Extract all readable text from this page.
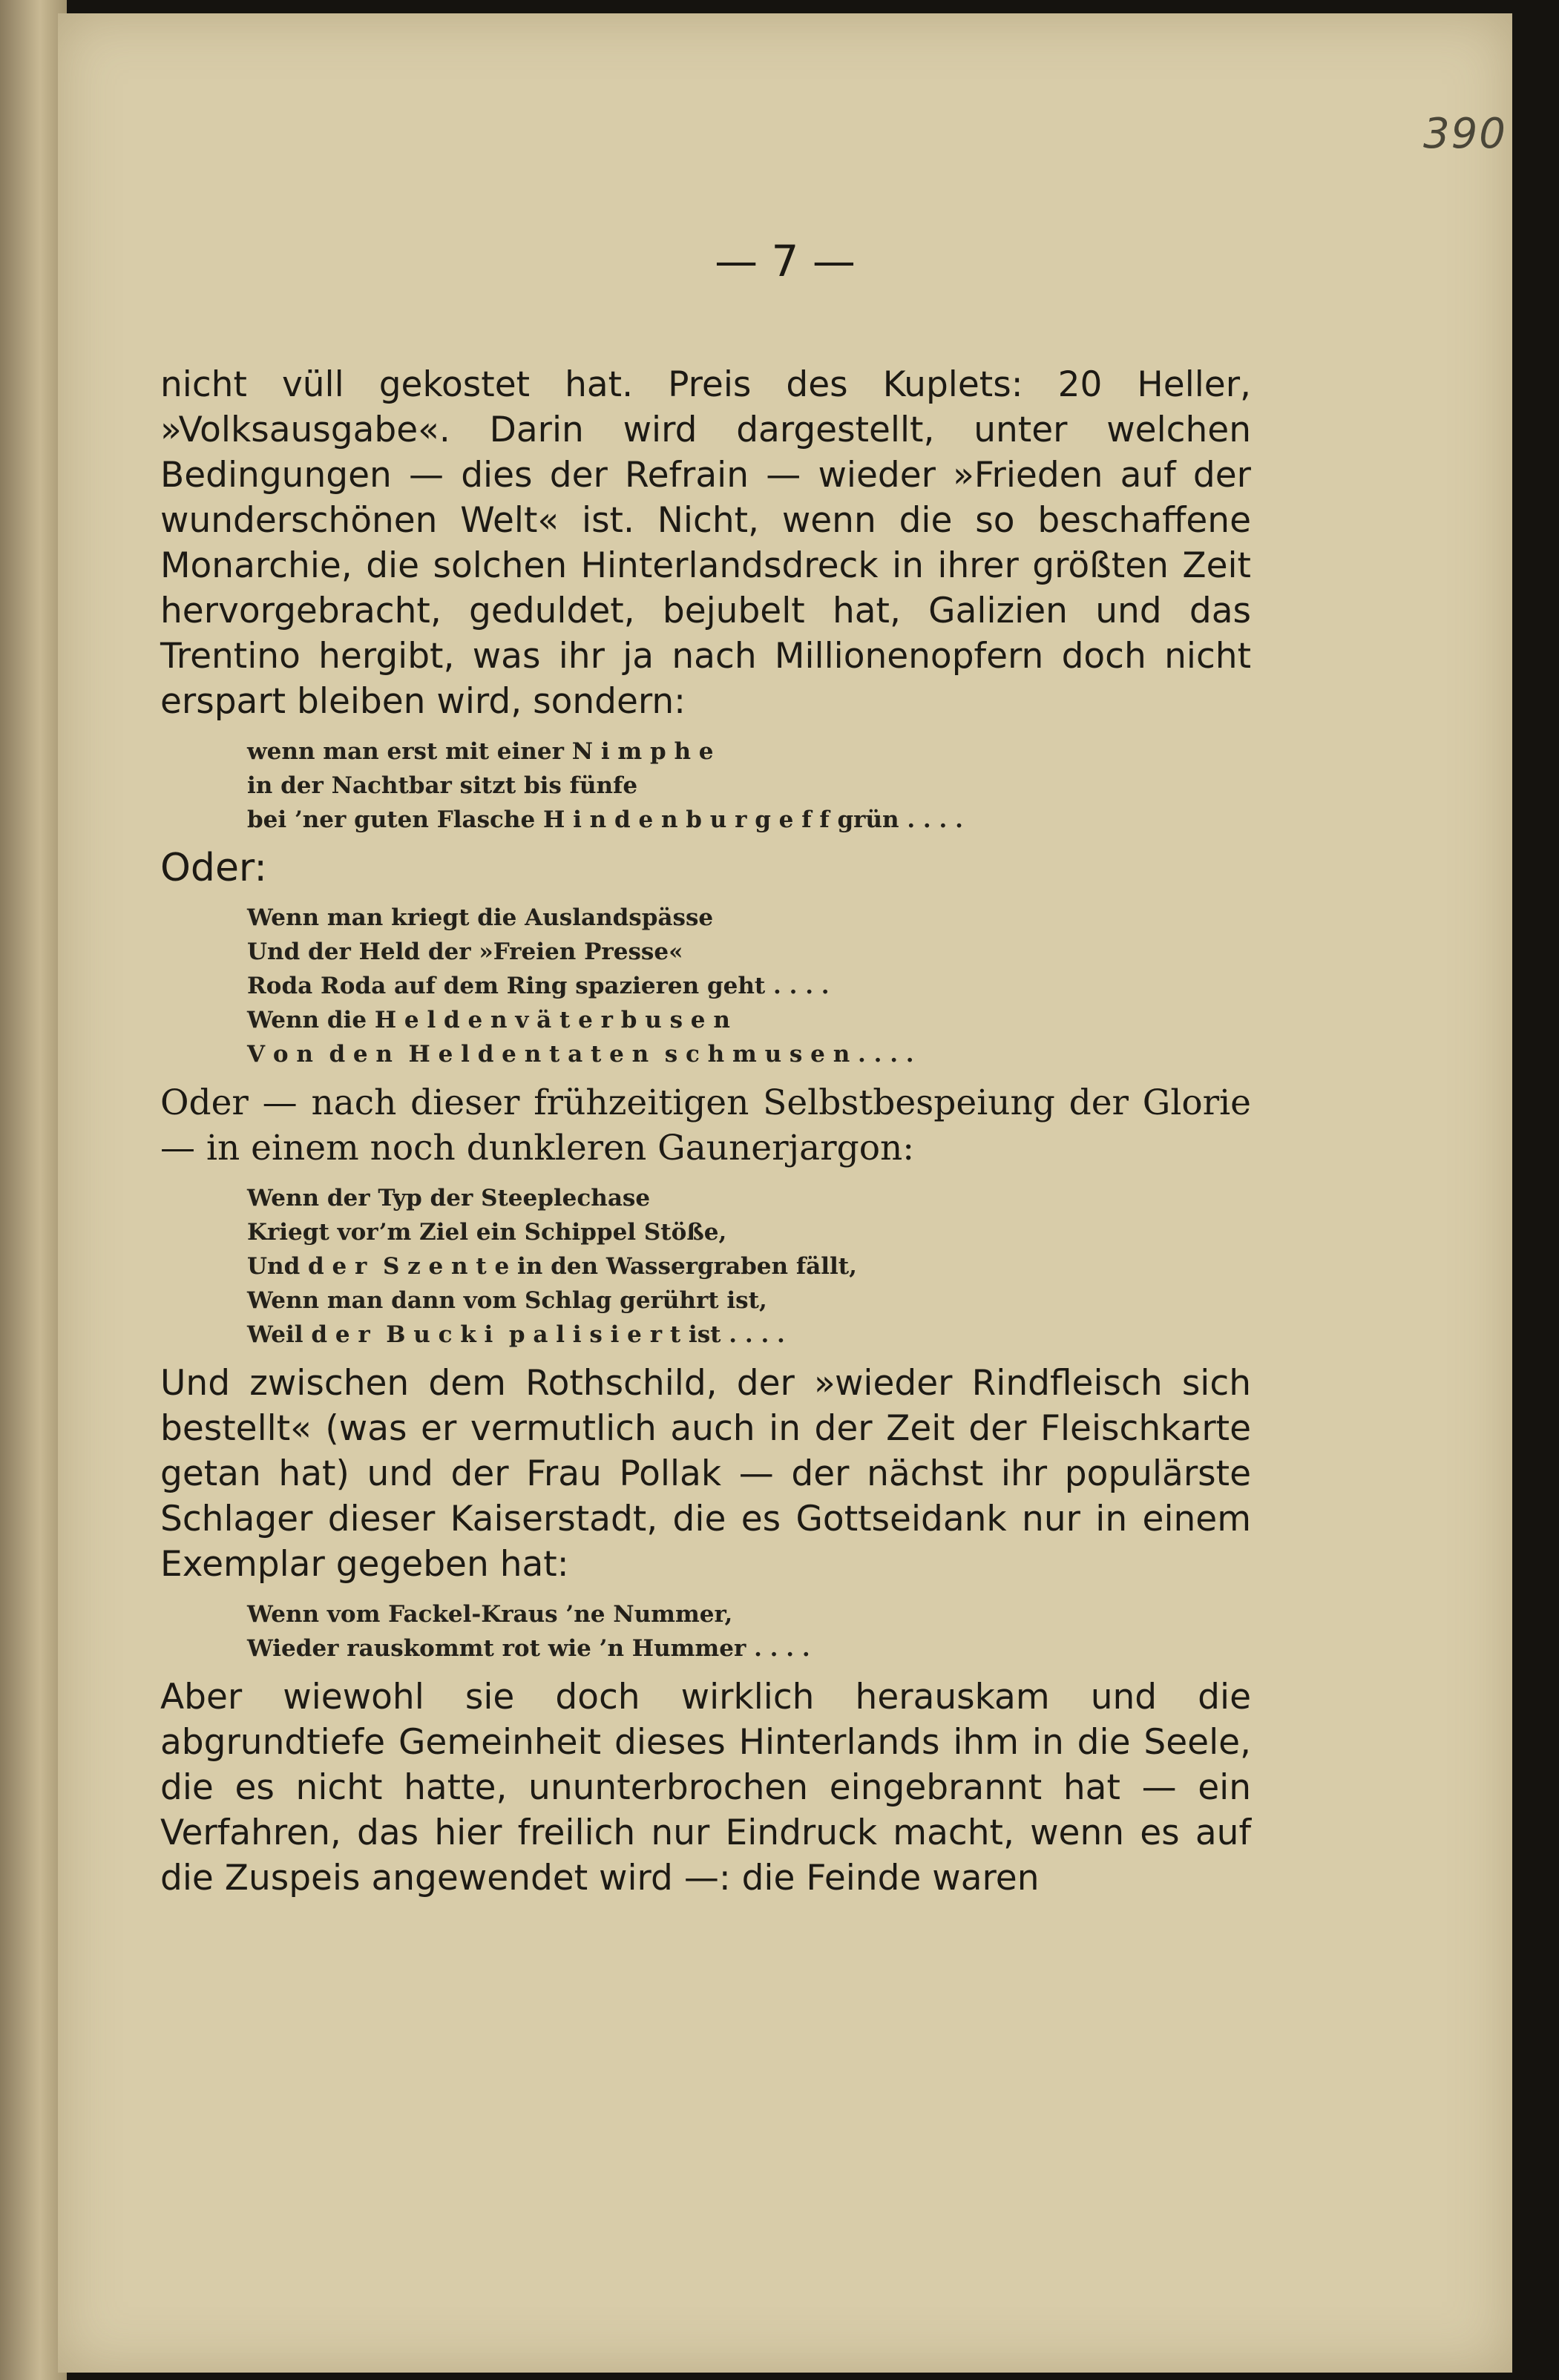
390
— 7 —

nicht vüll gekostet hat. Preis des Kuplets: 20 Heller, »Volksausgabe«. Darin wird dargestellt, unter welchen Bedingungen — dies der Refrain — wieder »Frieden auf der wunderschönen Welt« ist. Nicht, wenn die so beschaffene Monarchie, die solchen Hinterlandsdreck in ihrer größten Zeit hervorgebracht, geduldet, bejubelt hat, Galizien und das Trentino hergibt, was ihr ja nach Millionenopfern doch nicht erspart bleiben wird, sondern:

wenn man erst mit einer N i m p h e
in der Nachtbar sitzt bis fünfe
bei ’ner guten Flasche H i n d e n b u r g e f f grün . . . .
Oder:
Wenn man kriegt die Auslandspässe
Und der Held der »Freien Presse«
Roda Roda auf dem Ring spazieren geht . . . .
Wenn die H e l d e n v ä t e r b u s e n
V o n  d e n  H e l d e n t a t e n  s c h m u s e n . . . .

Oder — nach dieser frühzeitigen Selbstbespeiung der Glorie — in einem noch dunkleren Gaunerjargon:

Wenn der Typ der Steeplechase
Kriegt vor’m Ziel ein Schippel Stöße,
Und d e r  S z e n t e in den Wassergraben fällt,
Wenn man dann vom Schlag gerührt ist,
Weil d e r  B u c k i  p a l i s i e r t ist . . . .

Und zwischen dem Rothschild, der »wieder Rindfleisch sich bestellt« (was er vermutlich auch in der Zeit der Fleischkarte getan hat) und der Frau Pollak — der nächst ihr populärste Schlager dieser Kaiserstadt, die es Gottseidank nur in einem Exemplar gegeben hat:

Wenn vom Fackel-Kraus ’ne Nummer,
Wieder rauskommt rot wie ’n Hummer . . . .

Aber wiewohl sie doch wirklich herauskam und die abgrundtiefe Gemeinheit dieses Hinterlands ihm in die Seele, die es nicht hatte, ununterbrochen eingebrannt hat — ein Verfahren, das hier freilich nur Eindruck macht, wenn es auf die Zuspeis angewendet wird —: die Feinde waren
